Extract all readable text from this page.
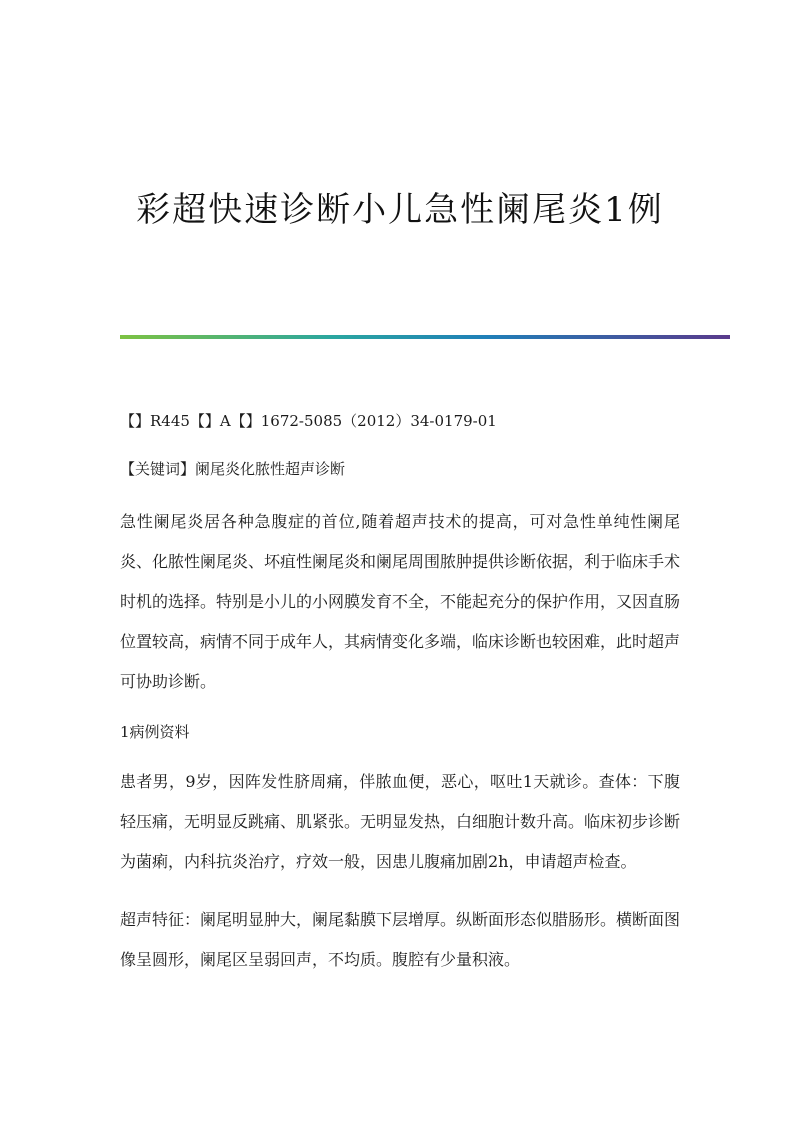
彩超快速诊断小儿急性阑尾炎1例
【】R445【】A【】1672-5085（2012）34-0179-01
【关键词】阑尾炎化脓性超声诊断

急性阑尾炎居各种急腹症的首位,随着超声技术的提高，可对急性单纯性阑尾炎、化脓性阑尾炎、坏疽性阑尾炎和阑尾周围脓肿提供诊断依据，利于临床手术时机的选择。特别是小儿的小网膜发育不全，不能起充分的保护作用，又因直肠位置较高，病情不同于成年人，其病情变化多端，临床诊断也较困难，此时超声可协助诊断。

1病例资料

患者男，9岁，因阵发性脐周痛，伴脓血便，恶心，呕吐1天就诊。查体：下腹轻压痛，无明显反跳痛、肌紧张。无明显发热，白细胞计数升高。临床初步诊断为菌痢，内科抗炎治疗，疗效一般，因患儿腹痛加剧2h，申请超声检查。

超声特征：阑尾明显肿大，阑尾黏膜下层增厚。纵断面形态似腊肠形。横断面图像呈圆形，阑尾区呈弱回声，不均质。腹腔有少量积液。
